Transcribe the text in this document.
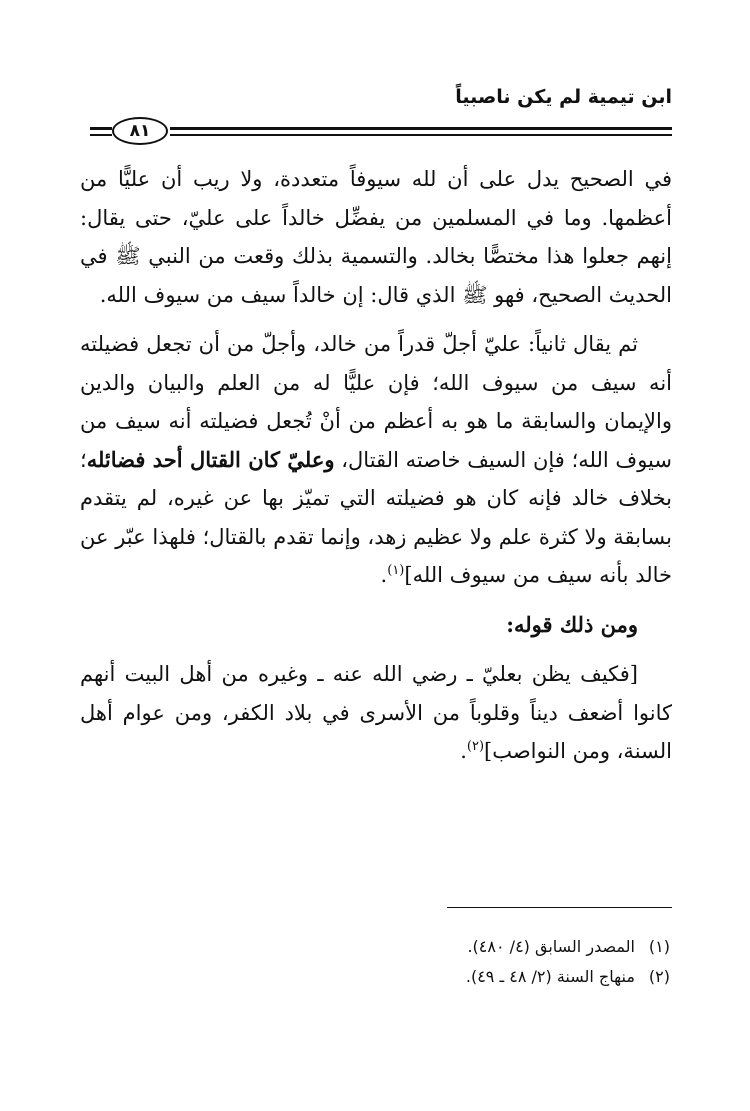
ابن تيمية لم يكن ناصبياً
٨١

في الصحيح يدل على أن لله سيوفاً متعددة، ولا ريب أن عليًّا من أعظمها. وما في المسلمين من يفضِّل خالداً على عليّ، حتى يقال: إنهم جعلوا هذا مختصًّا بخالد. والتسمية بذلك وقعت من النبي ﷺ في الحديث الصحيح، فهو ﷺ الذي قال: إن خالداً سيف من سيوف الله.

ثم يقال ثانياً: عليّ أجلّ قدراً من خالد، وأجلّ من أن تجعل فضيلته أنه سيف من سيوف الله؛ فإن عليًّا له من العلم والبيان والدين والإيمان والسابقة ما هو به أعظم من أنْ تُجعل فضيلته أنه سيف من سيوف الله؛ فإن السيف خاصته القتال، وعليّ كان القتال أحد فضائله؛ بخلاف خالد فإنه كان هو فضيلته التي تميّز بها عن غيره، لم يتقدم بسابقة ولا كثرة علم ولا عظيم زهد، وإنما تقدم بالقتال؛ فلهذا عبّر عن خالد بأنه سيف من سيوف الله]$^{(١)}$.

ومن ذلك قوله:

[فكيف يظن بعليّ ـ رضي الله عنه ـ وغيره من أهل البيت أنهم كانوا أضعف ديناً وقلوباً من الأسرى في بلاد الكفر، ومن عوام أهل السنة، ومن النواصب]$^{(٢)}$.

(١)المصدر السابق (٤/ ٤٨٠).

(٢)منهاج السنة (٢/ ٤٨ ـ ٤٩).
